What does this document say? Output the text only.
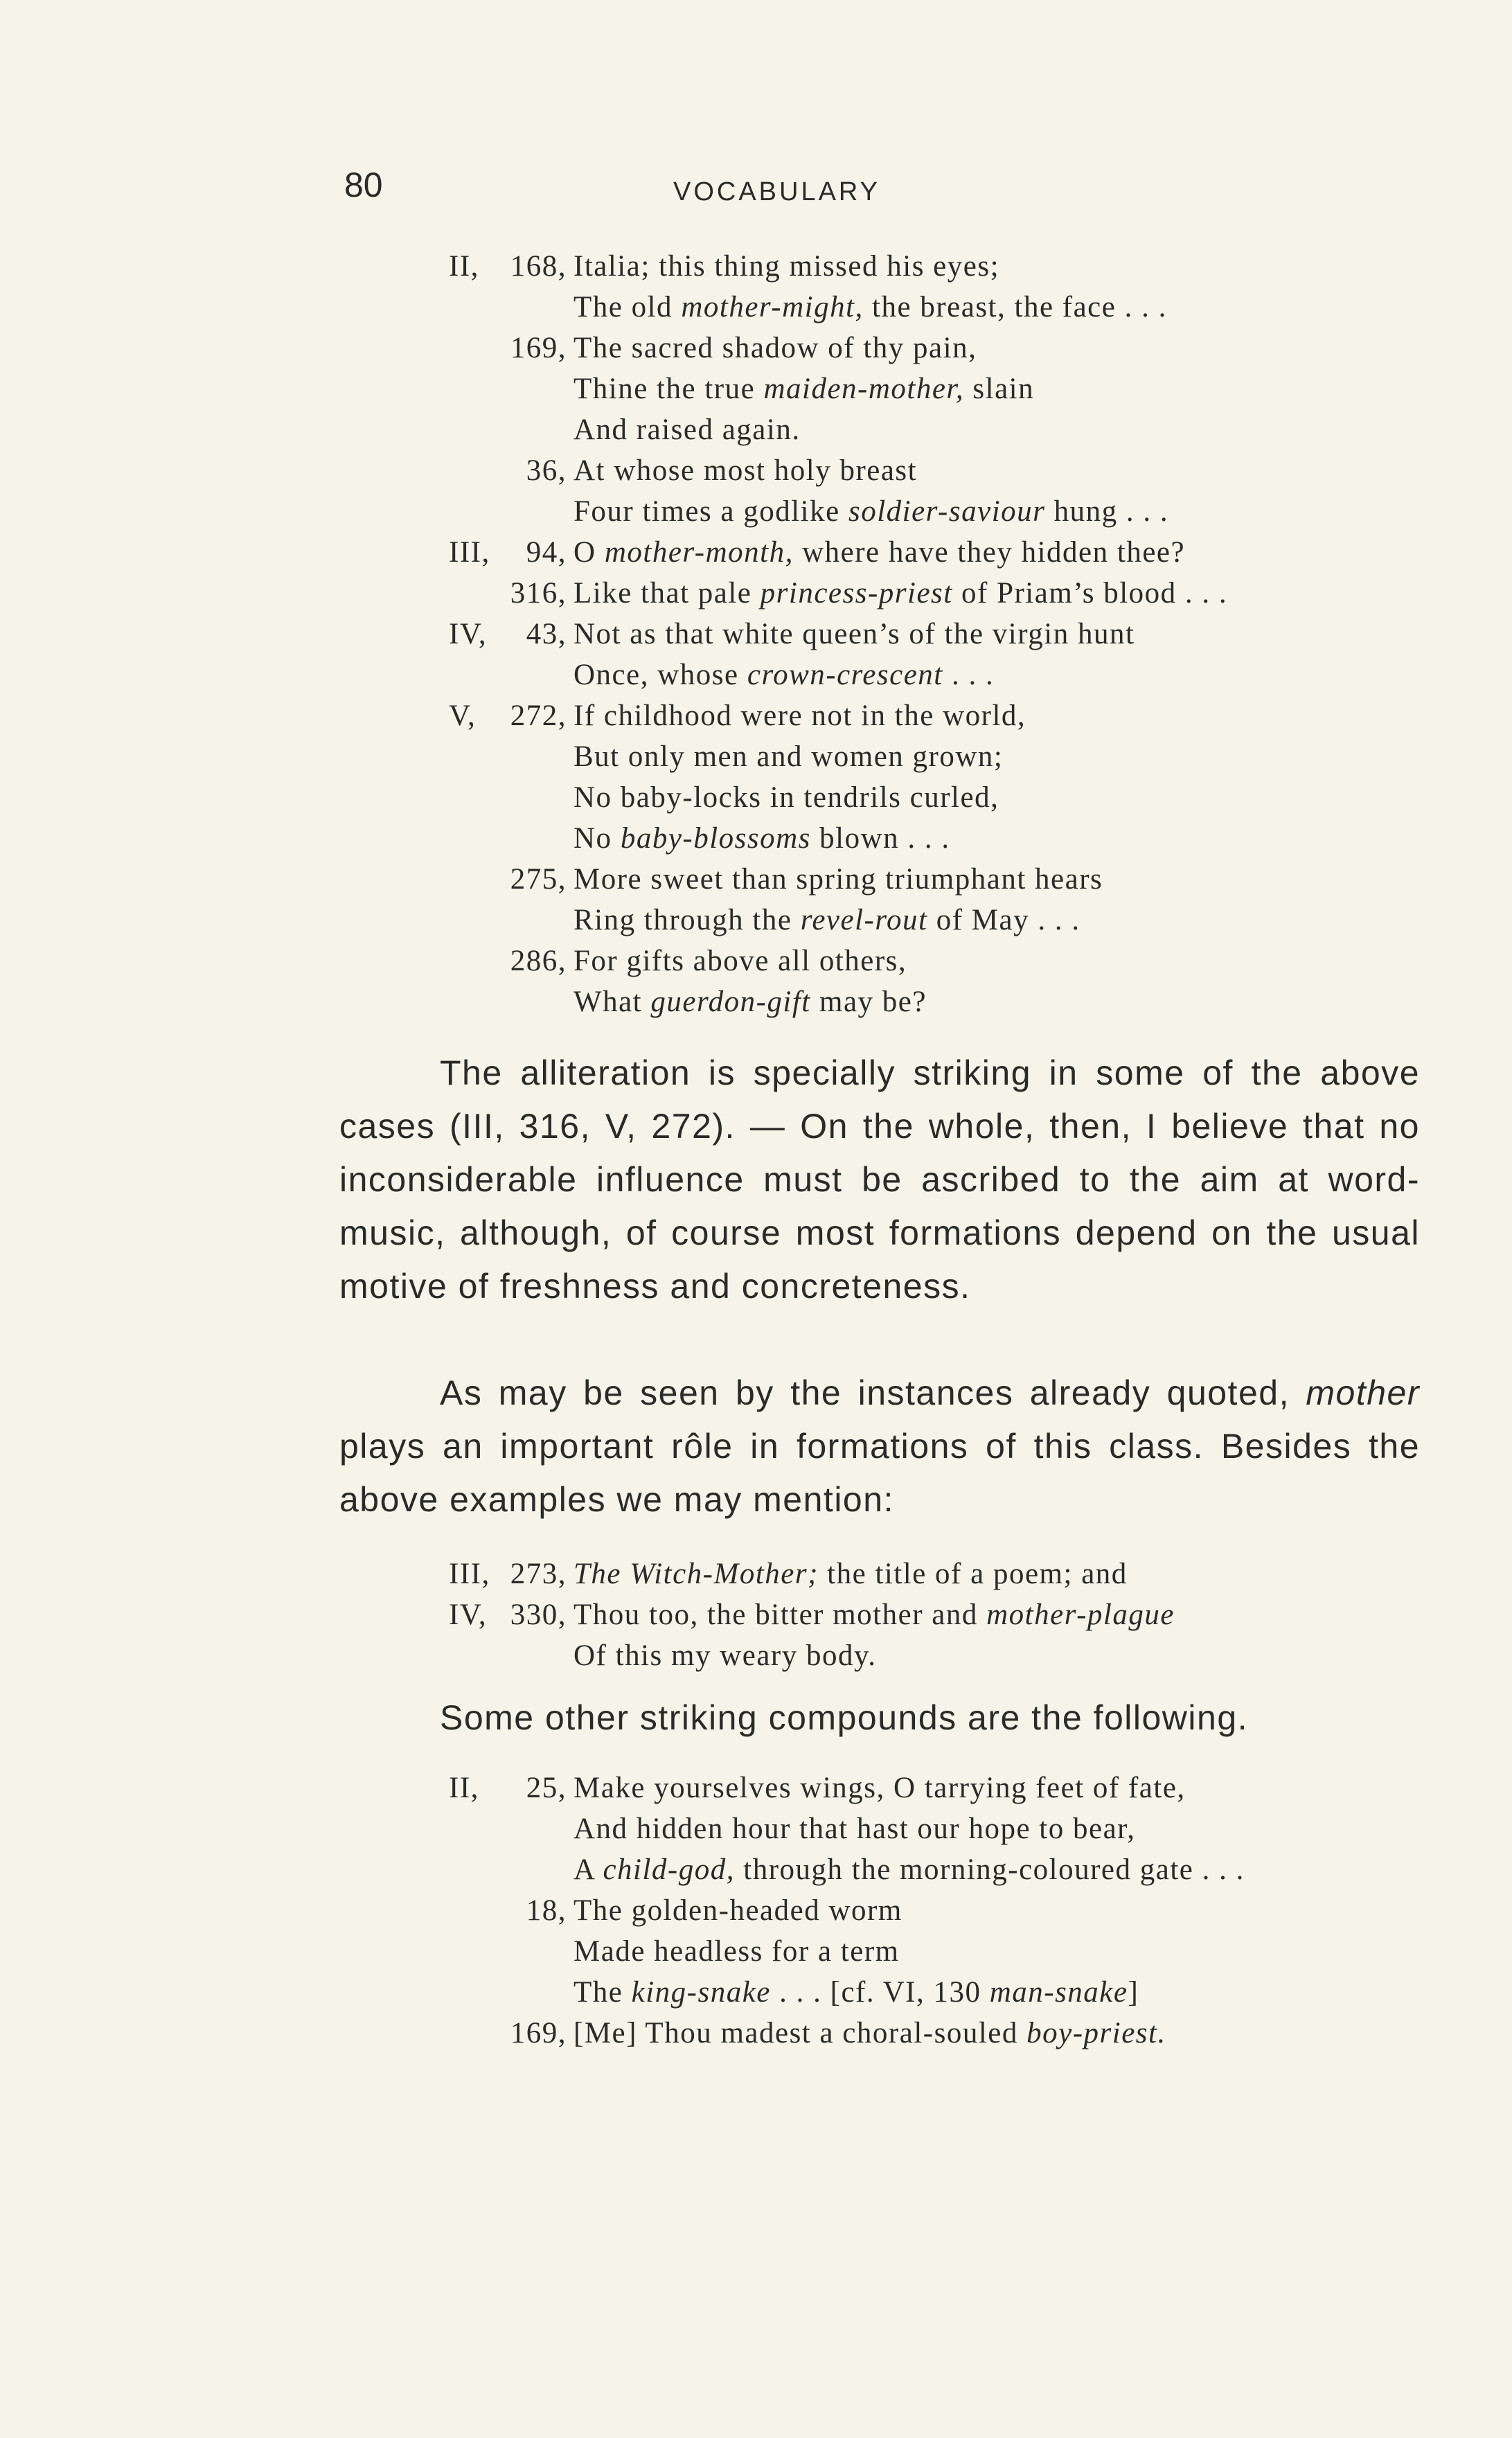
80	VOCABULARY
II, 168, Italia; this thing missed his eyes;
The old mother-might, the breast, the face . . .
169, The sacred shadow of thy pain,
Thine the true maiden-mother, slain
And raised again.
36, At whose most holy breast
Four times a godlike soldier-saviour hung . . .
III, 94, O mother-month, where have they hidden thee?
316, Like that pale princess-priest of Priam’s blood . . .
IV, 43, Not as that white queen’s of the virgin hunt
Once, whose crown-crescent . . .
V, 272, If childhood were not in the world,
But only men and women grown;
No baby-locks in tendrils curled,
No baby-blossoms blown . . .
275, More sweet than spring triumphant hears
Ring through the revel-rout of May . . .
286, For gifts above all others,
What guerdon-gift may be?
The alliteration is specially striking in some of the above cases (III, 316, V, 272). — On the whole, then, I believe that no inconsiderable influence must be ascribed to the aim at word-music, although, of course most formations depend on the usual motive of freshness and concreteness.
As may be seen by the instances already quoted, mother plays an important rôle in formations of this class. Besides the above examples we may mention:
III, 273, The Witch-Mother; the title of a poem; and
IV, 330, Thou too, the bitter mother and mother-plague
Of this my weary body.
Some other striking compounds are the following.
II, 25, Make yourselves wings, O tarrying feet of fate,
And hidden hour that hast our hope to bear,
A child-god, through the morning-coloured gate . . .
18, The golden-headed worm
Made headless for a term
The king-snake . . . [cf. VI, 130 man-snake]
169, [Me] Thou madest a choral-souled boy-priest.
